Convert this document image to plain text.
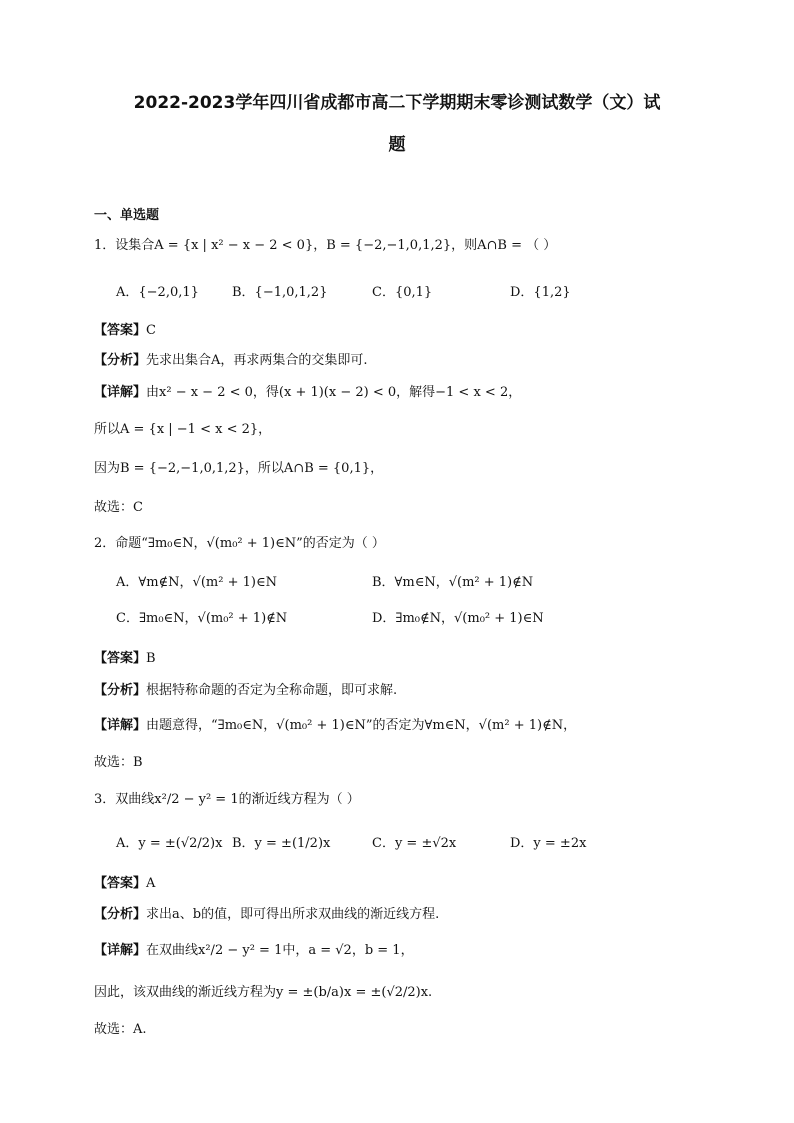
2022-2023学年四川省成都市高二下学期期末零诊测试数学（文）试
题
一、单选题
1．设集合A = {x | x² − x − 2 < 0}，B = {−2,−1,0,1,2}，则A∩B = （ ）
A．{−2,0,1}	B．{−1,0,1,2}	C．{0,1}	D．{1,2}
【答案】C
【分析】先求出集合A，再求两集合的交集即可.
【详解】由x² − x − 2 < 0，得(x + 1)(x − 2) < 0，解得−1 < x < 2，
所以A = {x | −1 < x < 2}，
因为B = {−2,−1,0,1,2}，所以A∩B = {0,1}，
故选：C
2．命题“∃m₀∈N，√(m₀² + 1)∈N”的否定为（ ）
A．∀m∉N，√(m² + 1)∈N	B．∀m∈N，√(m² + 1)∉N
C．∃m₀∈N，√(m₀² + 1)∉N	D．∃m₀∉N，√(m₀² + 1)∈N
【答案】B
【分析】根据特称命题的否定为全称命题，即可求解.
【详解】由题意得，“∃m₀∈N，√(m₀² + 1)∈N”的否定为∀m∈N，√(m² + 1)∉N，
故选：B
3．双曲线x²/2 − y² = 1的渐近线方程为（ ）
A．y = ±(√2/2)x B．y = ±(1/2)x	C．y = ±√2x	D．y = ±2x
【答案】A
【分析】求出a、b的值，即可得出所求双曲线的渐近线方程.
【详解】在双曲线x²/2 − y² = 1中，a = √2，b = 1，
因此，该双曲线的渐近线方程为y = ±(b/a)x = ±(√2/2)x.
故选：A.
